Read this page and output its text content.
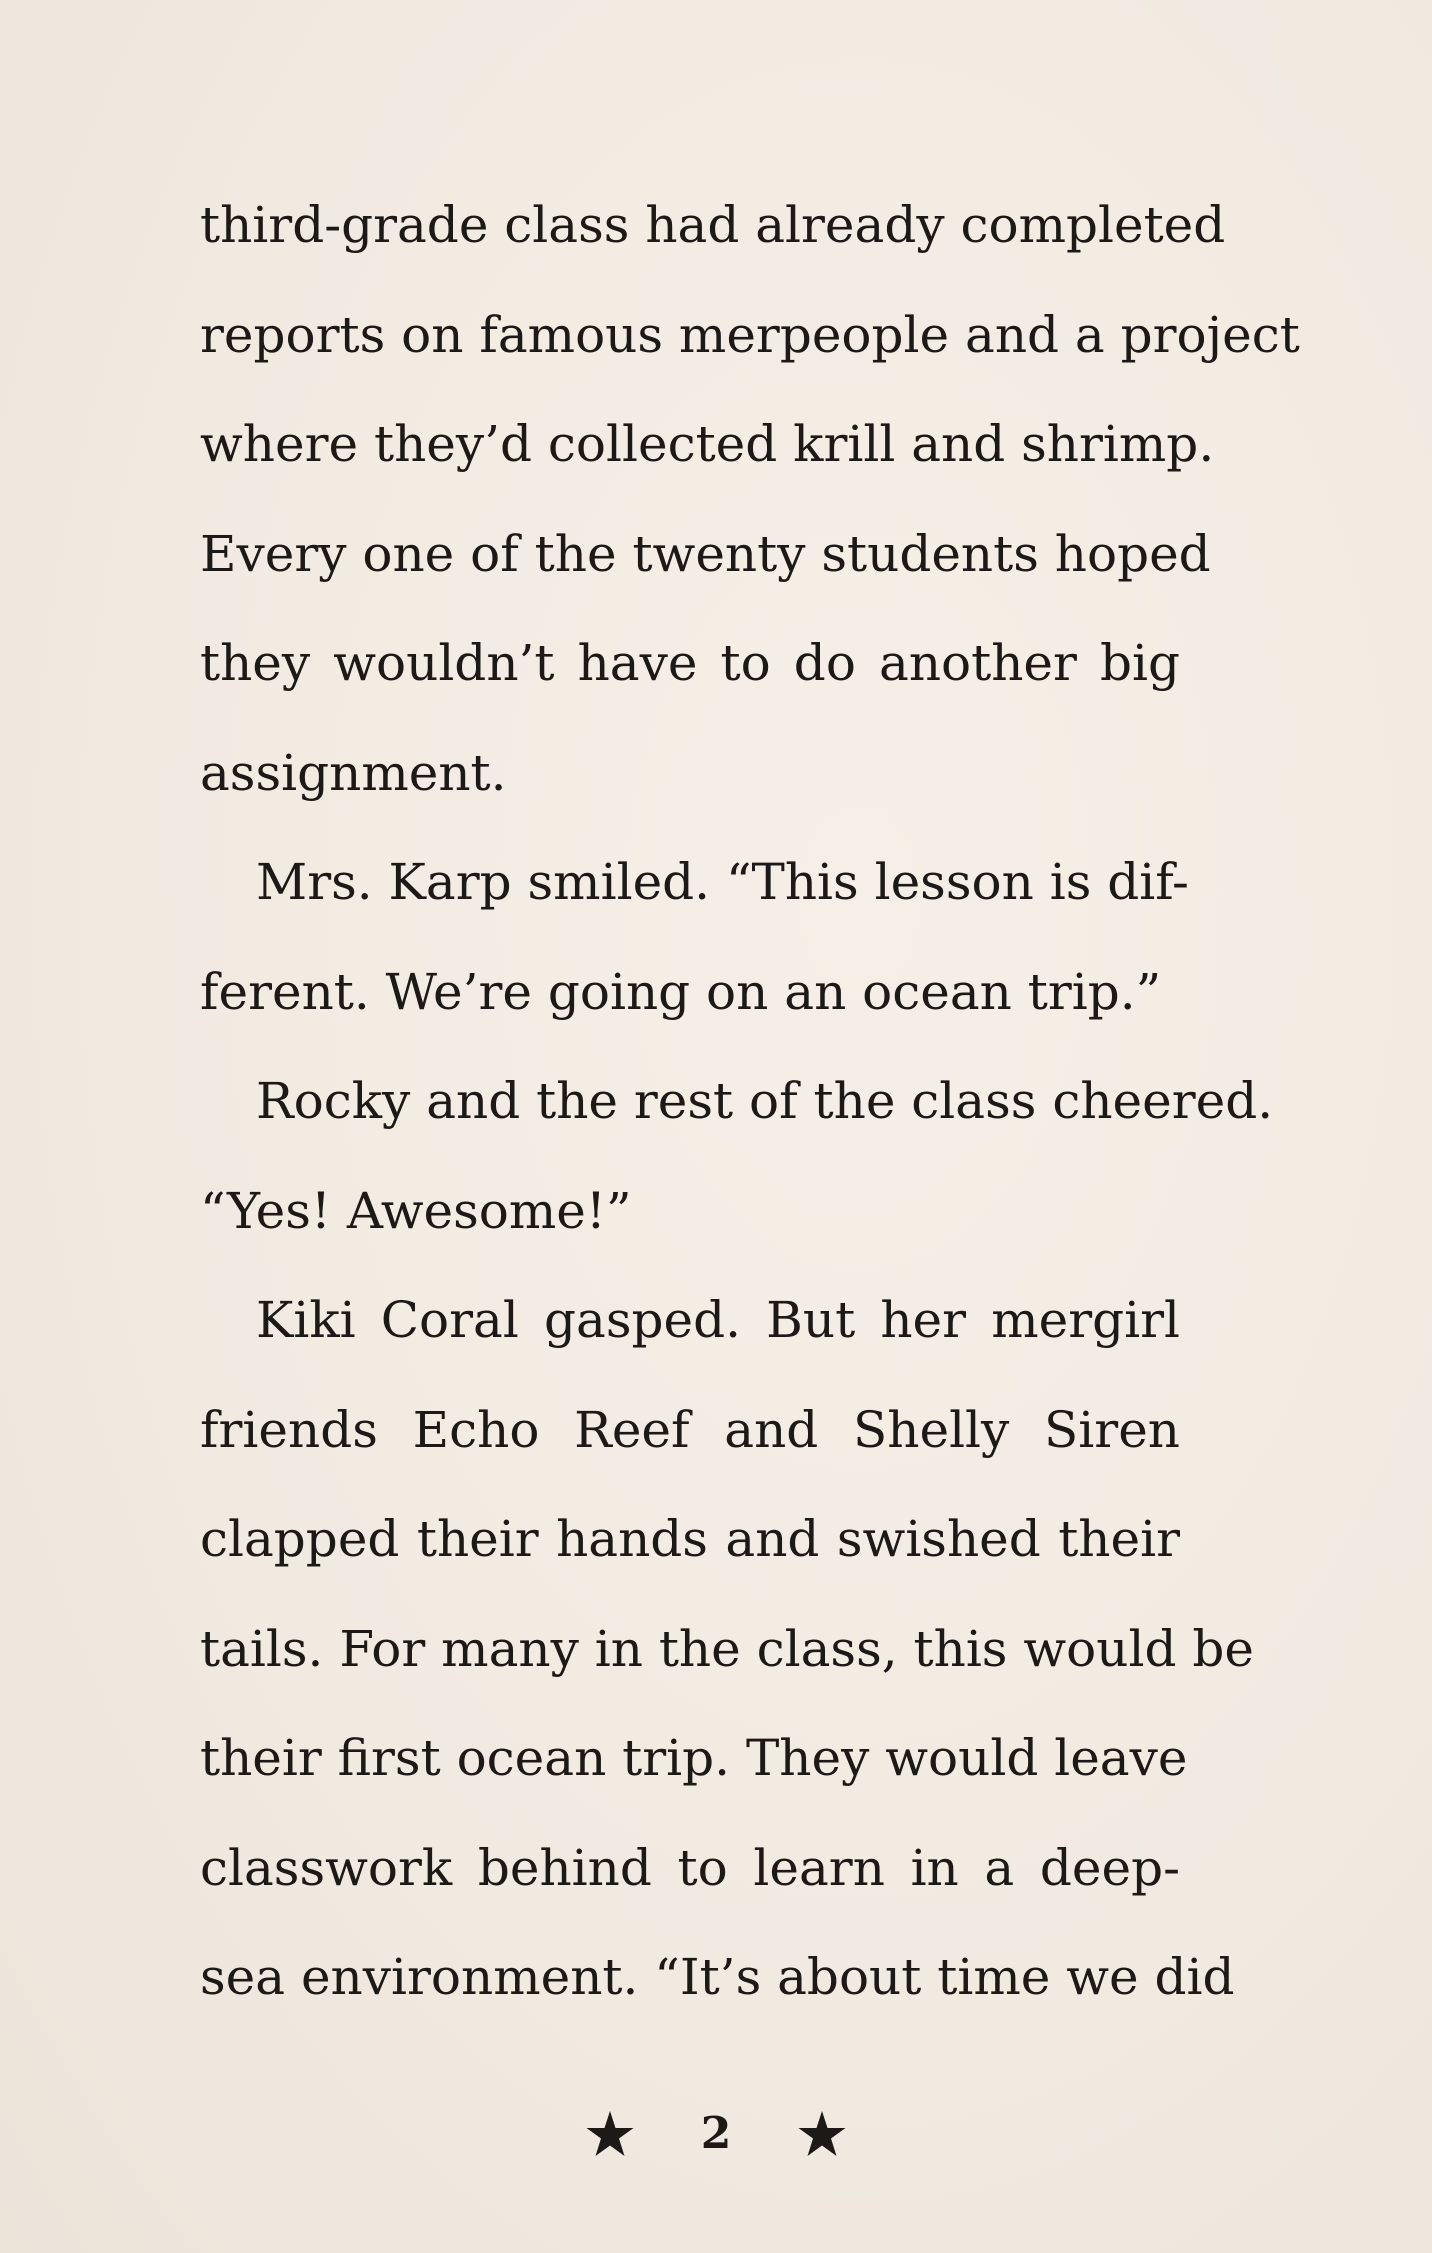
third-grade class had already completed
reports on famous merpeople and a project
where they’d collected krill and shrimp.
Every one of the twenty students hoped
they wouldn’t have to do another big
assignment.
Mrs. Karp smiled. “This lesson is dif-
ferent. We’re going on an ocean trip.”
Rocky and the rest of the class cheered.
“Yes! Awesome!”
Kiki Coral gasped. But her mergirl
friends Echo Reef and Shelly Siren
clapped their hands and swished their
tails. For many in the class, this would be
their first ocean trip. They would leave
classwork behind to learn in a deep-
sea environment. “It’s about time we did
2
